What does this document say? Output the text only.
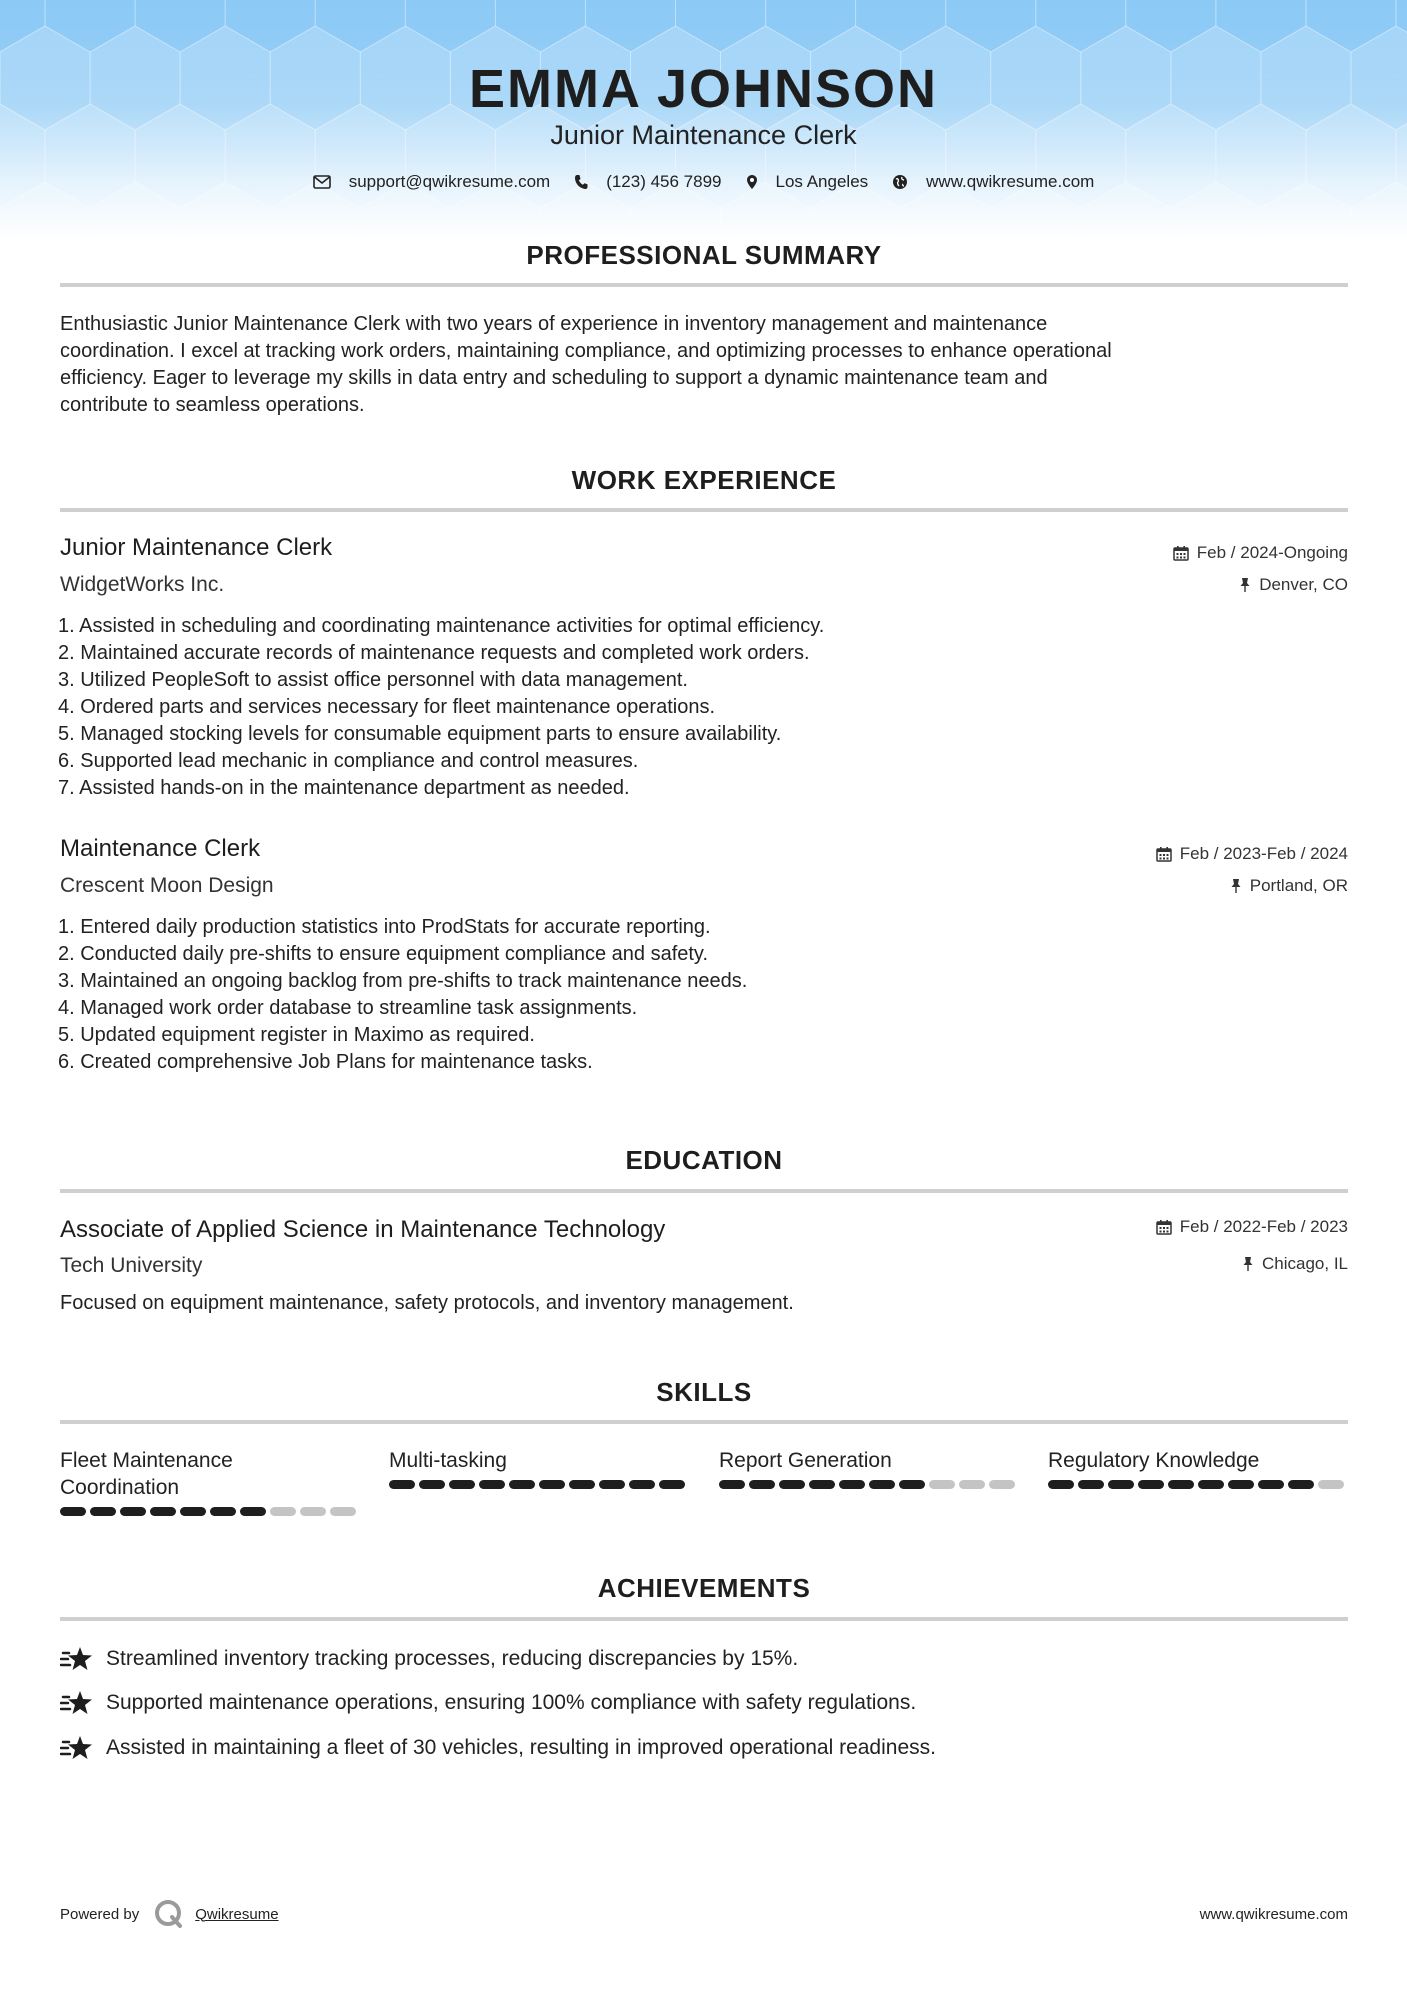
EMMA JOHNSON
Junior Maintenance Clerk
support@qwikresume.com	(123) 456 7899	Los Angeles	www.qwikresume.com
PROFESSIONAL SUMMARY
Enthusiastic Junior Maintenance Clerk with two years of experience in inventory management and maintenance
coordination. I excel at tracking work orders, maintaining compliance, and optimizing processes to enhance operational
efficiency. Eager to leverage my skills in data entry and scheduling to support a dynamic maintenance team and
contribute to seamless operations.
WORK EXPERIENCE
Junior Maintenance Clerk	Feb / 2024-Ongoing
WidgetWorks Inc.	Denver, CO
1. Assisted in scheduling and coordinating maintenance activities for optimal efficiency.
2. Maintained accurate records of maintenance requests and completed work orders.
3. Utilized PeopleSoft to assist office personnel with data management.
4. Ordered parts and services necessary for fleet maintenance operations.
5. Managed stocking levels for consumable equipment parts to ensure availability.
6. Supported lead mechanic in compliance and control measures.
7. Assisted hands-on in the maintenance department as needed.
Maintenance Clerk	Feb / 2023-Feb / 2024
Crescent Moon Design	Portland, OR
1. Entered daily production statistics into ProdStats for accurate reporting.
2. Conducted daily pre-shifts to ensure equipment compliance and safety.
3. Maintained an ongoing backlog from pre-shifts to track maintenance needs.
4. Managed work order database to streamline task assignments.
5. Updated equipment register in Maximo as required.
6. Created comprehensive Job Plans for maintenance tasks.
EDUCATION
Associate of Applied Science in Maintenance Technology	Feb / 2022-Feb / 2023
Tech University	Chicago, IL
Focused on equipment maintenance, safety protocols, and inventory management.
SKILLS
Fleet Maintenance
Coordination
Multi-tasking	Report Generation	Regulatory Knowledge
ACHIEVEMENTS
Streamlined inventory tracking processes, reducing discrepancies by 15%.
Supported maintenance operations, ensuring 100% compliance with safety regulations.
Assisted in maintaining a fleet of 30 vehicles, resulting in improved operational readiness.
Powered by	Qwikresume	www.qwikresume.com
